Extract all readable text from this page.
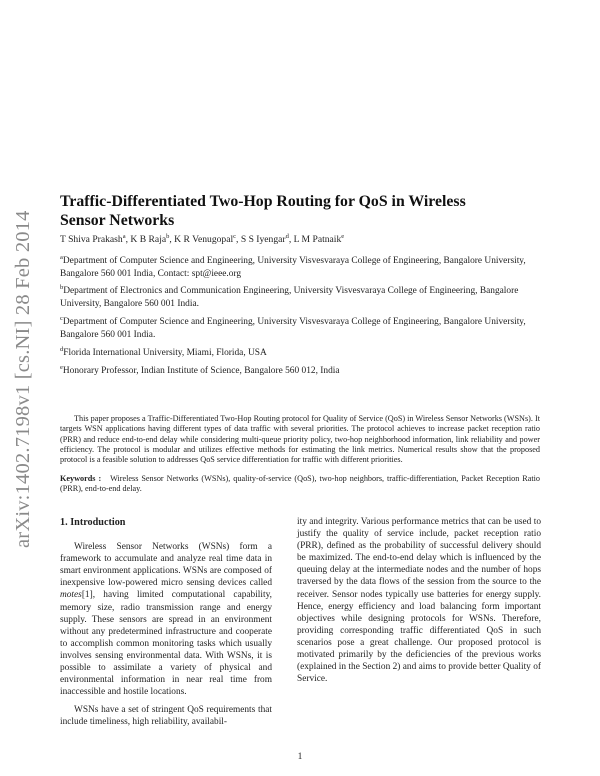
arXiv:1402.7198v1 [cs.NI] 28 Feb 2014
Traffic-Differentiated Two-Hop Routing for QoS in Wireless Sensor Networks
T Shiva Prakash$^a$, K B Raja$^b$, K R Venugopal$^c$, S S Iyengar$^d$, L M Patnaik$^e$
$^a$Department of Computer Science and Engineering, University Visvesvaraya College of Engineering, Bangalore University, Bangalore 560 001 India, Contact: spt@ieee.org
$^b$Department of Electronics and Communication Engineering, University Visvesvaraya College of Engineering, Bangalore University, Bangalore 560 001 India.
$^c$Department of Computer Science and Engineering, University Visvesvaraya College of Engineering, Bangalore University, Bangalore 560 001 India.
$^d$Florida International University, Miami, Florida, USA
$^e$Honorary Professor, Indian Institute of Science, Bangalore 560 012, India

This paper proposes a Traffic-Differentiated Two-Hop Routing protocol for Quality of Service (QoS) in Wireless Sensor Networks (WSNs). It targets WSN applications having different types of data traffic with several priorities. The protocol achieves to increase packet reception ratio (PRR) and reduce end-to-end delay while considering multi-queue priority policy, two-hop neighborhood information, link reliability and power efficiency. The protocol is modular and utilizes effective methods for estimating the link metrics. Numerical results show that the proposed protocol is a feasible solution to addresses QoS service differentiation for traffic with different priorities.

Keywords : Wireless Sensor Networks (WSNs), quality-of-service (QoS), two-hop neighbors, traffic-differentiation, Packet Reception Ratio (PRR), end-to-end delay.

1. Introduction

Wireless Sensor Networks (WSNs) form a framework to accumulate and analyze real time data in smart environment applications. WSNs are composed of inexpensive low-powered micro sensing devices called motes[1], having limited computational capability, memory size, radio transmission range and energy supply. These sensors are spread in an environment without any predetermined infrastructure and cooperate to accomplish common monitoring tasks which usually involves sensing environmental data. With WSNs, it is possible to assimilate a variety of physical and environmental information in near real time from inaccessible and hostile locations.

WSNs have a set of stringent QoS requirements that include timeliness, high reliability, availabil-

ity and integrity. Various performance metrics that can be used to justify the quality of service include, packet reception ratio (PRR), defined as the probability of successful delivery should be maximized. The end-to-end delay which is influenced by the queuing delay at the intermediate nodes and the number of hops traversed by the data flows of the session from the source to the receiver. Sensor nodes typically use batteries for energy supply. Hence, energy efficiency and load balancing form important objectives while designing protocols for WSNs. Therefore, providing corresponding traffic differentiated QoS in such scenarios pose a great challenge. Our proposed protocol is motivated primarily by the deficiencies of the previous works (explained in the Section 2) and aims to provide better Quality of Service.

1
